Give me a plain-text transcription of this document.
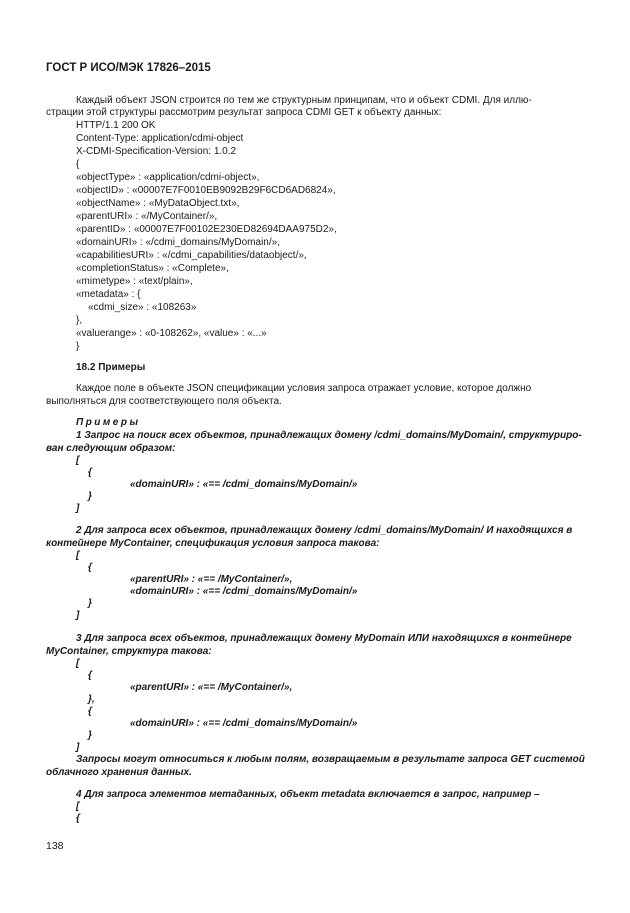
ГОСТ Р ИСО/МЭК 17826–2015
Каждый объект JSON строится по тем же структурным принципам, что и объект CDMI. Для иллю-
страции этой структуры рассмотрим результат запроса CDMI GET к объекту данных:
HTTP/1.1 200 OK
Content-Type: application/cdmi-object
X-CDMI-Specification-Version: 1.0.2
{
«objectType» : «application/cdmi-object»,
«objectID» : «00007E7F0010EB9092B29F6CD6AD6824»,
«objectName» : «MyDataObject.txt»,
«parentURI» : «/MyContainer/»,
«parentID» : «00007E7F00102E230ED82694DAA975D2»,
«domainURI» : «/cdmi_domains/MyDomain/»,
«capabilitiesURI» : «/cdmi_capabilities/dataobject/»,
«completionStatus» : «Complete»,
«mimetype» : «text/plain»,
«metadata» : {
«cdmi_size» : «108263»
},
«valuerange» : «0-108262», «value» : «...»
}
18.2 Примеры
Каждое поле в объекте JSON спецификации условия запроса отражает условие, которое должно
выполняться для соответствующего поля объекта.
Примеры
1 Запрос на поиск всех объектов, принадлежащих домену /cdmi_domains/MyDomain/, структуриро-
ван следующим образом:
[
{
«domainURI» : «== /cdmi_domains/MyDomain/»
}
]
2 Для запроса всех объектов, принадлежащих домену /cdmi_domains/MyDomain/ И находящихся в
контейнере MyContainer, спецификация условия запроса такова:
[
{
«parentURI» : «== /MyContainer/»,
«domainURI» : «== /cdmi_domains/MyDomain/»
}
]
3 Для запроса всех объектов, принадлежащих домену MyDomain ИЛИ находящихся в контейнере
MyContainer, структура такова:
[
{
«parentURI» : «== /MyContainer/»,
},
{
«domainURI» : «== /cdmi_domains/MyDomain/»
}
]
Запросы могут относиться к любым полям, возвращаемым в результате запроса GET системой
облачного хранения данных.
4 Для запроса элементов метаданных, объект metadata включается в запрос, например –
[
{
138
